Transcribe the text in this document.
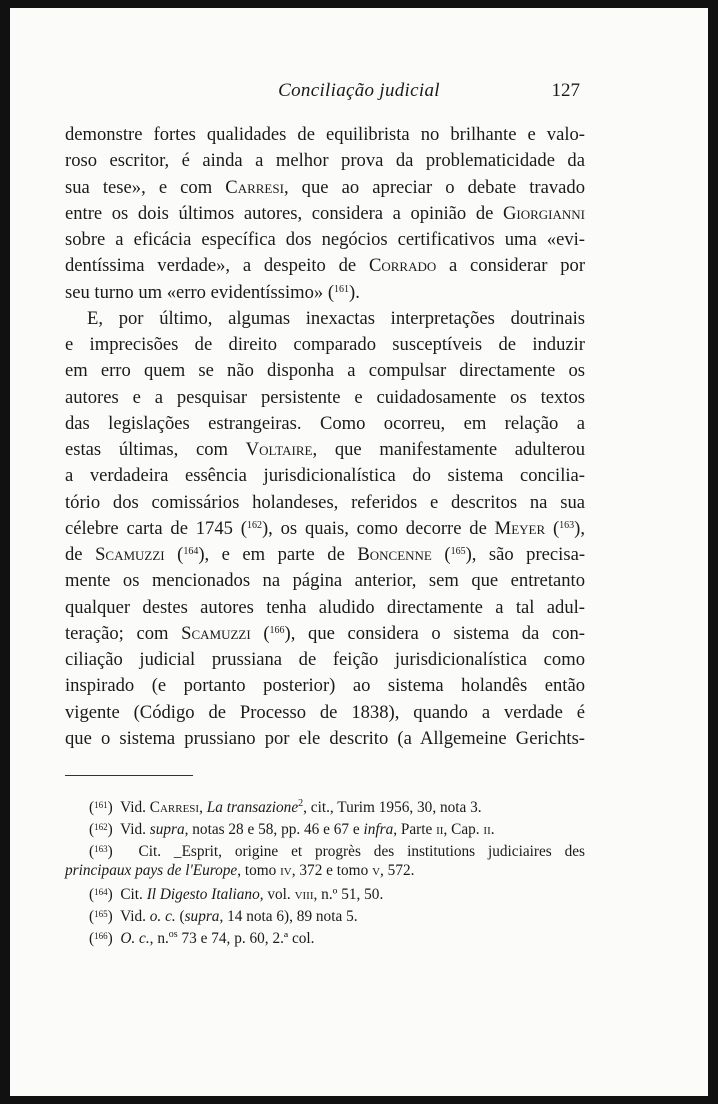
Conciliação judicial	127
demonstre fortes qualidades de equilibrista no brilhante e valo-
roso escritor, é ainda a melhor prova da problematicidade da
sua tese», e com Carresi, que ao apreciar o debate travado
entre os dois últimos autores, considera a opinião de Giorgianni
sobre a eficácia específica dos negócios certificativos uma «evi-
dentíssima verdade», a despeito de Corrado a considerar por
seu turno um «erro evidentíssimo» ($^{161}$).
E, por último, algumas inexactas interpretações doutrinais
e imprecisões de direito comparado susceptíveis de induzir
em erro quem se não disponha a compulsar directamente os
autores e a pesquisar persistente e cuidadosamente os textos
das legislações estrangeiras. Como ocorreu, em relação a
estas últimas, com Voltaire, que manifestamente adulterou
a verdadeira essência jurisdicionalística do sistema concilia-
tório dos comissários holandeses, referidos e descritos na sua
célebre carta de 1745 ($^{162}$), os quais, como decorre de Meyer ($^{163}$),
de Scamuzzi ($^{164}$), e em parte de Boncenne ($^{165}$), são precisa-
mente os mencionados na página anterior, sem que entretanto
qualquer destes autores tenha aludido directamente a tal adul-
teração; com Scamuzzi ($^{166}$), que considera o sistema da con-
ciliação judicial prussiana de feição jurisdicionalística como
inspirado (e portanto posterior) ao sistema holandês então
vigente (Código de Processo de 1838), quando a verdade é
que o sistema prussiano por ele descrito (a Allgemeine Gerichts-
($^{161}$)  Vid. Carresi, La transazione$^2$, cit., Turim 1956, 30, nota 3.
($^{162}$)  Vid. supra, notas 28 e 58, pp. 46 e 67 e infra, Parte ii, Cap. ii.
($^{163}$)  Cit. _Esprit, origine et progrès des institutions judiciaires des
principaux pays de l'Europe, tomo iv, 372 e tomo v, 572.
($^{164}$)  Cit. Il Digesto Italiano, vol. viii, n.º 51, 50.
($^{165}$)  Vid. o. c. (supra, 14 nota 6), 89 nota 5.
($^{166}$)  O. c., n.$^{os}$ 73 e 74, p. 60, 2.ª col.
